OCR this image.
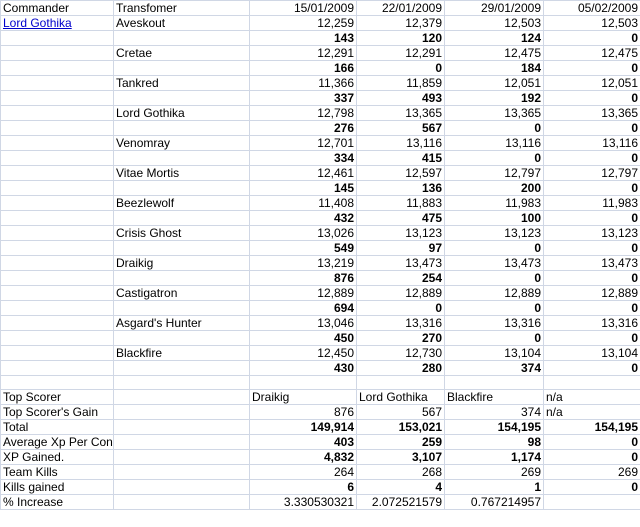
Commander	Transfomer	15/01/2009	22/01/2009	29/01/2009	05/02/2009
Lord Gothika	Aveskout	12,259	12,379	12,503	12,503
		143	120	124	0
	Cretae	12,291	12,291	12,475	12,475
		166	0	184	0
	Tankred	11,366	11,859	12,051	12,051
		337	493	192	0
	Lord Gothika	12,798	13,365	13,365	13,365
		276	567	0	0
	Venomray	12,701	13,116	13,116	13,116
		334	415	0	0
	Vitae Mortis	12,461	12,597	12,797	12,797
		145	136	200	0
	Beezlewolf	11,408	11,883	11,983	11,983
		432	475	100	0
	Crisis Ghost	13,026	13,123	13,123	13,123
		549	97	0	0
	Draikig	13,219	13,473	13,473	13,473
		876	254	0	0
	Castigatron	12,889	12,889	12,889	12,889
		694	0	0	0
	Asgard's Hunter	13,046	13,316	13,316	13,316
		450	270	0	0
	Blackfire	12,450	12,730	13,104	13,104
		430	280	374	0

Top Scorer		Draikig	Lord Gothika	Blackfire	n/a
Top Scorer's Gain		876	567	374	n/a
Total		149,914	153,021	154,195	154,195
Average Xp Per Con		403	259	98	0
XP Gained.		4,832	3,107	1,174	0
Team Kills		264	268	269	269
Kills gained		6	4	1	0
% Increase		3.330530321	2.072521579	0.767214957	
